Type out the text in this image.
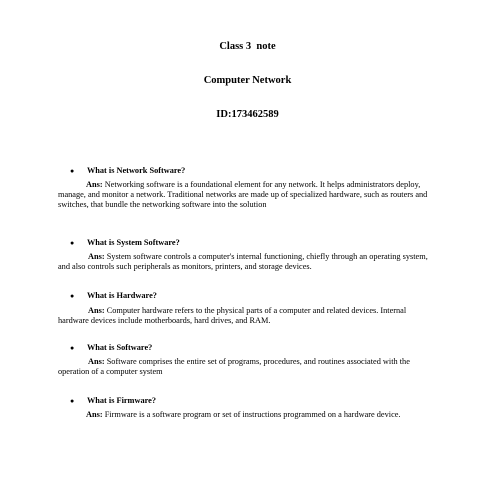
Class 3  note
Computer Network
ID:173462589
● What is Network Software?
Ans: Networking software is a foundational element for any network. It helps administrators deploy, manage, and monitor a network. Traditional networks are made up of specialized hardware, such as routers and switches, that bundle the networking software into the solution
● What is System Software?
Ans: System software controls a computer's internal functioning, chiefly through an operating system, and also controls such peripherals as monitors, printers, and storage devices.
● What is Hardware?
Ans: Computer hardware refers to the physical parts of a computer and related devices. Internal hardware devices include motherboards, hard drives, and RAM.
● What is Software?
Ans: Software comprises the entire set of programs, procedures, and routines associated with the operation of a computer system
● What is Firmware?
Ans: Firmware is a software program or set of instructions programmed on a hardware device.
